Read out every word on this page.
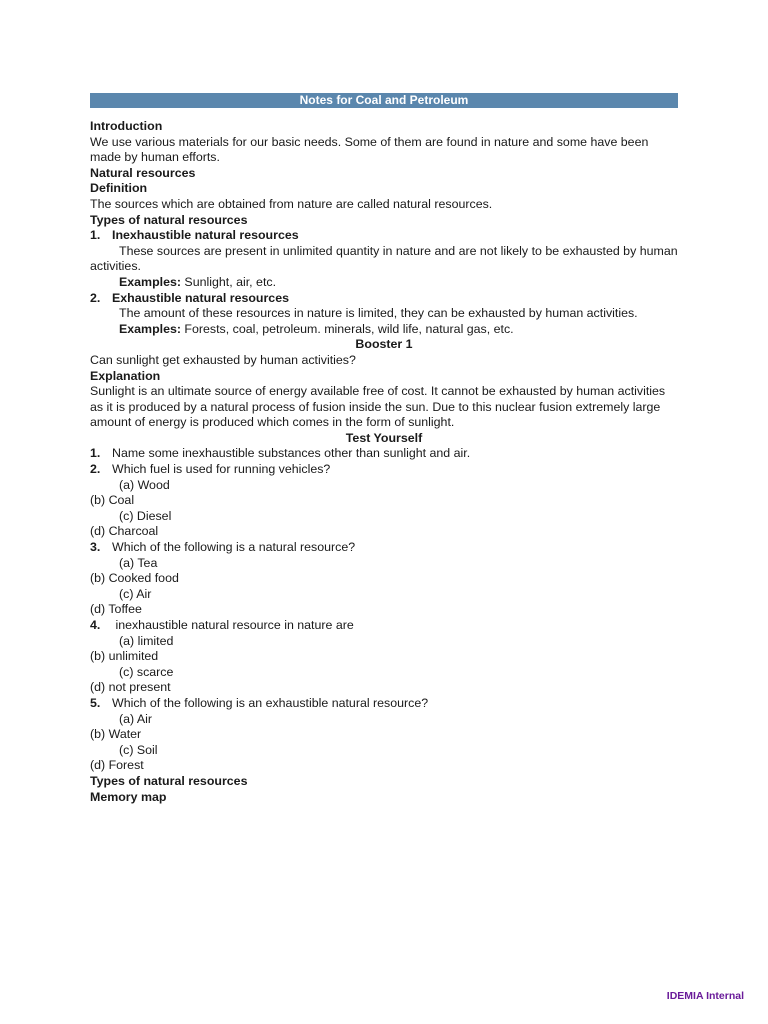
Notes for Coal and Petroleum
Introduction
We use various materials for our basic needs. Some of them are found in nature and some have been made by human efforts.
Natural resources
Definition
The sources which are obtained from nature are called natural resources.
Types of natural resources
1. Inexhaustible natural resources
These sources are present in unlimited quantity in nature and are not likely to be exhausted by human activities.
Examples: Sunlight, air, etc.
2. Exhaustible natural resources
The amount of these resources in nature is limited, they can be exhausted by human activities.
Examples: Forests, coal, petroleum. minerals, wild life, natural gas, etc.
Booster 1
Can sunlight get exhausted by human activities?
Explanation
Sunlight is an ultimate source of energy available free of cost. It cannot be exhausted by human activities as it is produced by a natural process of fusion inside the sun. Due to this nuclear fusion extremely large amount of energy is produced which comes in the form of sunlight.
Test Yourself
1. Name some inexhaustible substances other than sunlight and air.
2. Which fuel is used for running vehicles?
(a) Wood
(b) Coal
(c) Diesel
(d) Charcoal
3. Which of the following is a natural resource?
(a) Tea
(b) Cooked food
(c) Air
(d) Toffee
4. inexhaustible natural resource in nature are
(a) limited
(b) unlimited
(c) scarce
(d) not present
5. Which of the following is an exhaustible natural resource?
(a) Air
(b) Water
(c) Soil
(d) Forest
Types of natural resources
Memory map
IDEMIA Internal
